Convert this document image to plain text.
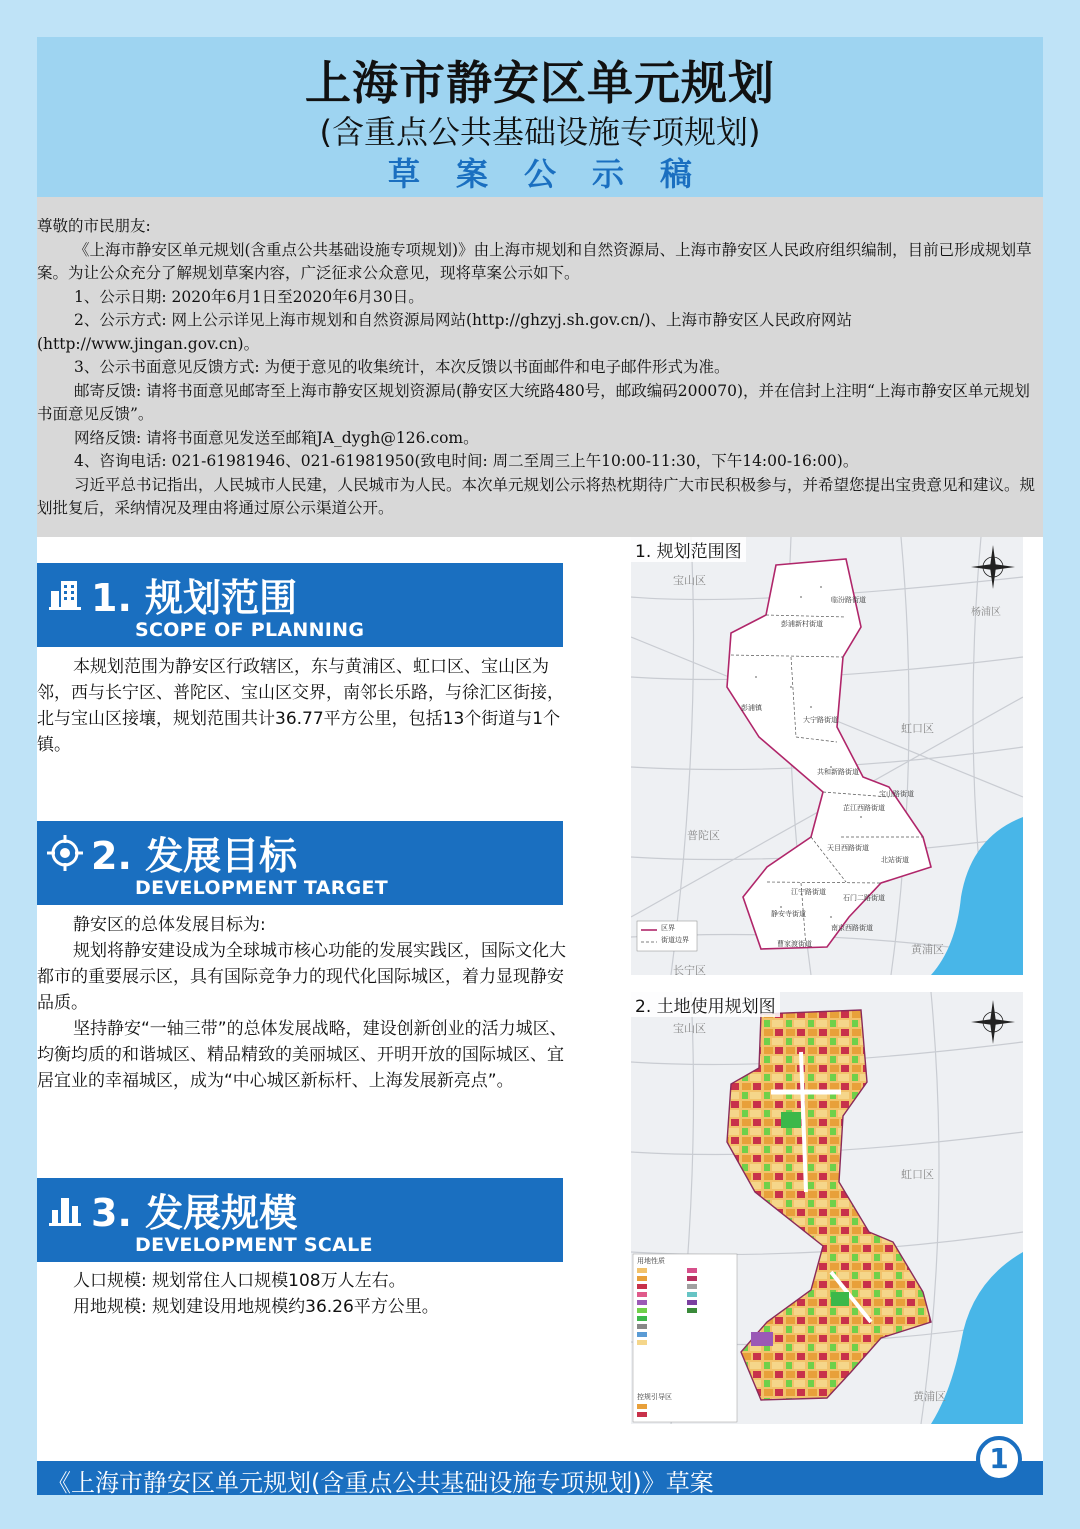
上海市静安区单元规划
(含重点公共基础设施专项规划)
草案公示稿

尊敬的市民朋友:

《上海市静安区单元规划(含重点公共基础设施专项规划)》由上海市规划和自然资源局、上海市静安区人民政府组织编制，目前已形成规划草案。为让公众充分了解规划草案内容，广泛征求公众意见，现将草案公示如下。

1、公示日期: 2020年6月1日至2020年6月30日。

2、公示方式: 网上公示详见上海市规划和自然资源局网站(http://ghzyj.sh.gov.cn/)、上海市静安区人民政府网站(http://www.jingan.gov.cn)。

3、公示书面意见反馈方式: 为便于意见的收集统计，本次反馈以书面邮件和电子邮件形式为准。

邮寄反馈: 请将书面意见邮寄至上海市静安区规划资源局(静安区大统路480号，邮政编码200070)，并在信封上注明“上海市静安区单元规划书面意见反馈”。

网络反馈: 请将书面意见发送至邮箱JA_dygh@126.com。

4、咨询电话: 021-61981946、021-61981950(致电时间: 周二至周三上午10:00-11:30，下午14:00-16:00)。

习近平总书记指出，人民城市人民建，人民城市为人民。本次单元规划公示将热枕期待广大市民积极参与，并希望您提出宝贵意见和建议。规划批复后，采纳情况及理由将通过原公示渠道公开。

1. 规划范围
SCOPE OF PLANNING

本规划范围为静安区行政辖区，东与黄浦区、虹口区、宝山区为邻，西与长宁区、普陀区、宝山区交界，南邻长乐路，与徐汇区街接，北与宝山区接壤，规划范围共计36.77平方公里，包括13个街道与1个镇。

2. 发展目标
DEVELOPMENT TARGET

静安区的总体发展目标为:

规划将静安建设成为全球城市核心功能的发展实践区，国际文化大都市的重要展示区，具有国际竞争力的现代化国际城区，着力显现静安品质。

坚持静安“一轴三带”的总体发展战略，建设创新创业的活力城区、均衡均质的和谐城区、精品精致的美丽城区、开明开放的国际城区、宜居宜业的幸福城区，成为“中心城区新标杆、上海发展新亮点”。

3. 发展规模
DEVELOPMENT SCALE

人口规模: 规划常住人口规模108万人左右。

用地规模: 规划建设用地规模约36.26平方公里。

1. 规划范围图
宝山区
虹口区
普陀区
黄浦区
长宁区
杨浦区
彭浦新村街道
临汾路街道
彭浦镇
大宁路街道
芷江西路街道
共和新路街道
宝山路街道
天目西路街道
北站街道
石门二路街道
江宁路街道
静安寺街道
南京西路街道
曹家渡街道
区界
街道边界
2. 土地使用规划图
宝山区
虹口区
黄浦区
用地性质
控规引导区
《上海市静安区单元规划(含重点公共基础设施专项规划)》草案
1
